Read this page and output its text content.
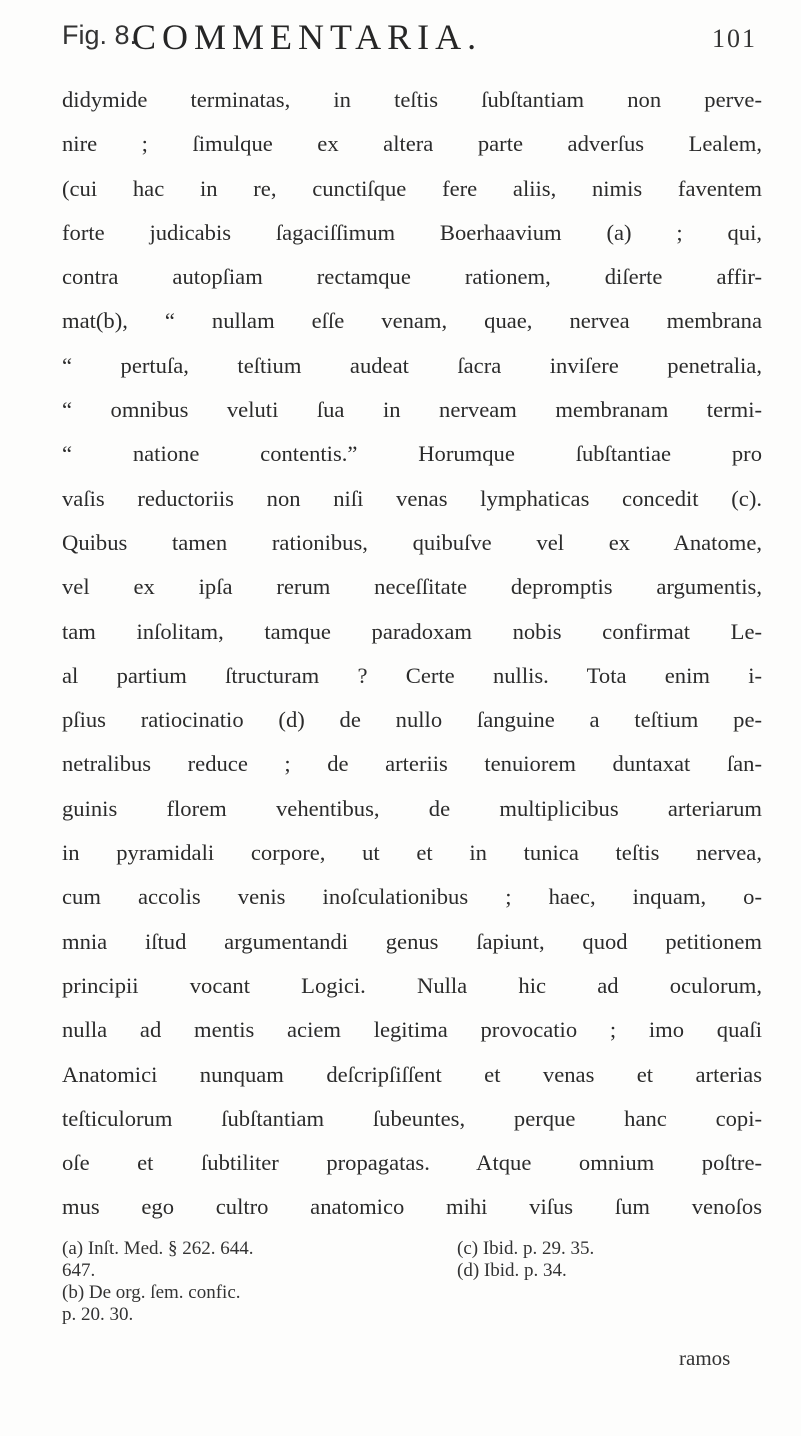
Fig. 8.
COMMENTARIA.	101
didymide terminatas, in teſtis ſubſtantiam non perve-
nire ; ſimulque ex altera parte adverſus Lealem,
(cui hac in re, cunctiſque fere aliis, nimis faventem
forte judicabis ſagaciſſimum Boerhaavium (a) ; qui,
contra autopſiam rectamque rationem, diſerte affir-
mat(b), “ nullam eſſe venam, quae, nervea membrana
“ pertuſa, teſtium audeat ſacra inviſere penetralia,
“ omnibus veluti ſua in nerveam membranam termi-
“ natione contentis.” Horumque ſubſtantiae pro
vaſis reductoriis non niſi venas lymphaticas concedit (c).
Quibus tamen rationibus, quibuſve vel ex Anatome,
vel ex ipſa rerum neceſſitate depromptis argumentis,
tam inſolitam, tamque paradoxam nobis confirmat Le-
al partium ſtructuram ? Certe nullis. Tota enim i-
pſius ratiocinatio (d) de nullo ſanguine a teſtium pe-
netralibus reduce ; de arteriis tenuiorem duntaxat ſan-
guinis florem vehentibus, de multiplicibus arteriarum
in pyramidali corpore, ut et in tunica teſtis nervea,
cum accolis venis inoſculationibus ; haec, inquam, o-
mnia iſtud argumentandi genus ſapiunt, quod petitionem
principii vocant Logici. Nulla hic ad oculorum,
nulla ad mentis aciem legitima provocatio ; imo quaſi
Anatomici nunquam deſcripſiſſent et venas et arterias
teſticulorum ſubſtantiam ſubeuntes, perque hanc copi-
oſe et ſubtiliter propagatas. Atque omnium poſtre-
mus ego cultro anatomico mihi viſus ſum venoſos
(a) Inſt. Med. § 262. 644.
647.
(b) De org. ſem. confic.
p. 20. 30.
(c) Ibid. p. 29. 35.
(d) Ibid. p. 34.
ramos
